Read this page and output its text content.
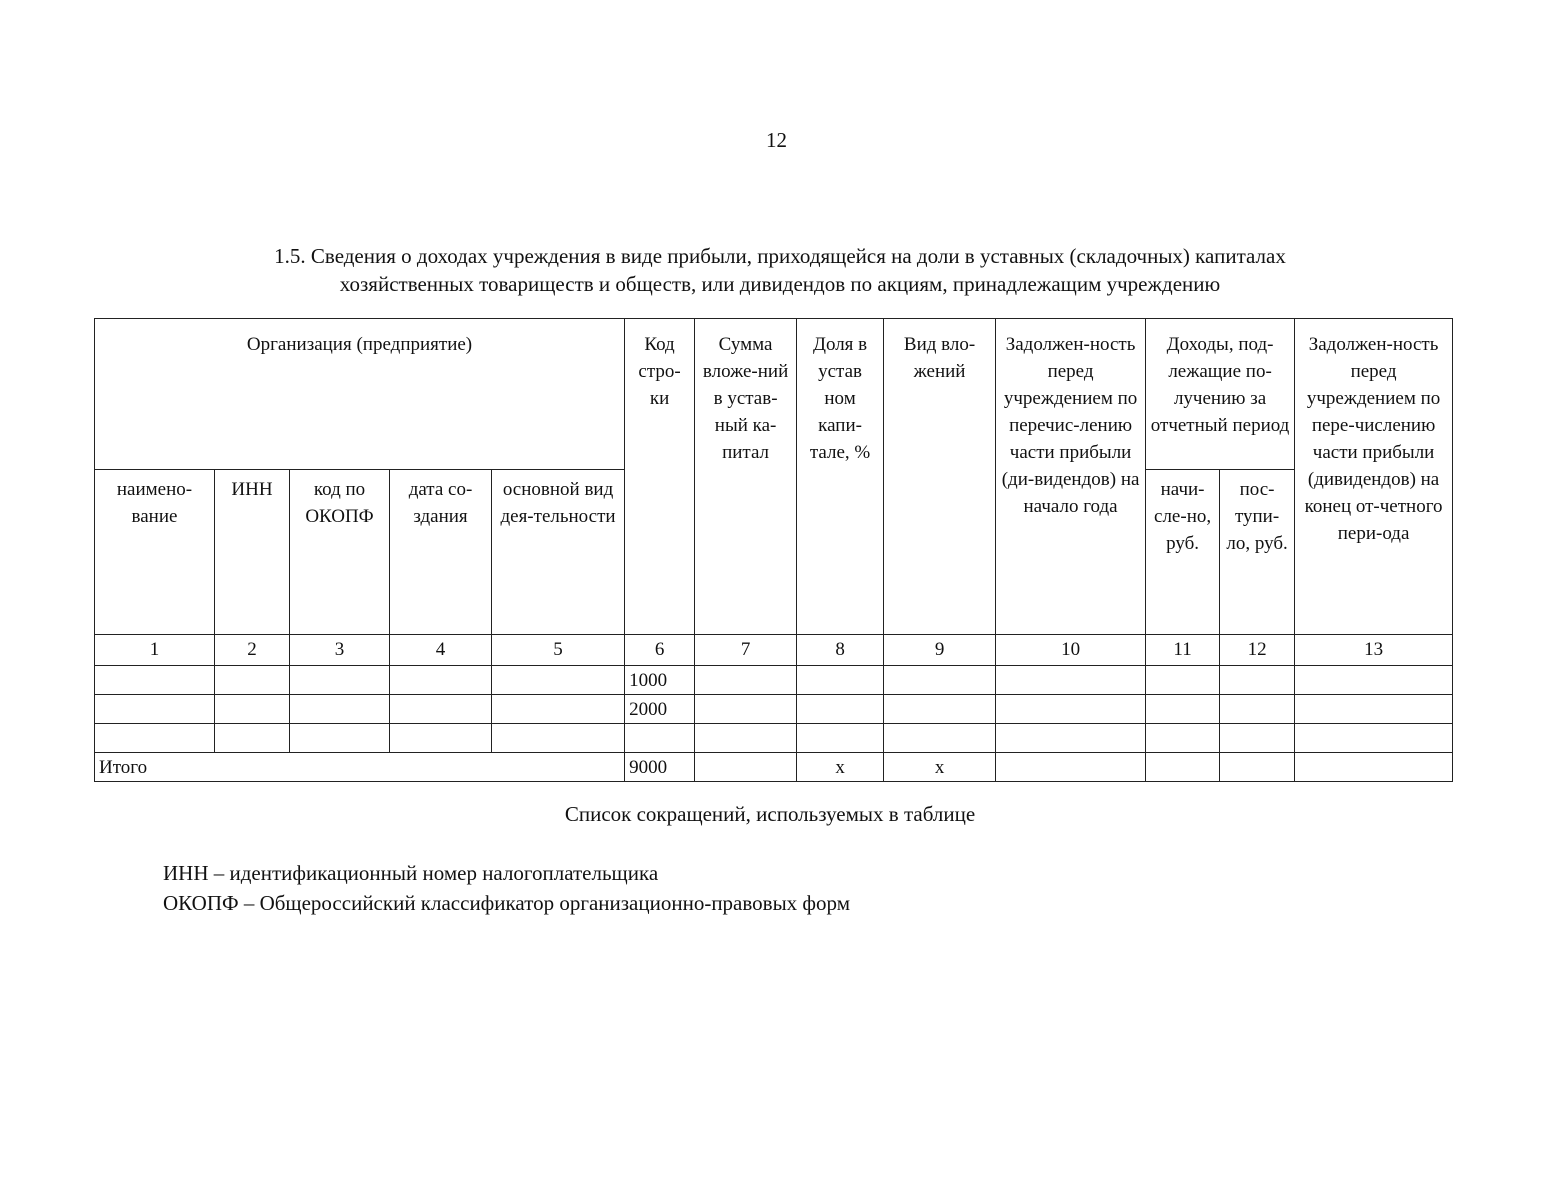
12
1.5. Сведения о доходах учреждения в виде прибыли, приходящейся на доли в уставных (складочных) капиталах
хозяйственных товариществ и обществ, или дивидендов по акциям, принадлежащим учреждению
Организация (предприятие)					Код стро-ки	Сумма вложе-ний в устав-ный ка-питал	Доля в устав ном капи-тале, %	Вид вло-жений	Задолжен-ность перед учреждением по перечис-лению части прибыли (ди-видендов) на начало года	Доходы, под-лежащие по-лучению за отчетный период		Задолжен-ность перед учреждением по пере-числению части прибыли (дивидендов) на конец от-четного пери-ода
наимено-вание	ИНН	код по ОКОПФ	дата со-здания	основной вид дея-тельности						начи-сле-но, руб.	пос-тупи-ло, руб.	
1	2	3	4	5	6	7	8	9	10	11	12	13
					1000							
					2000							

Итого					9000		х	х				
Список сокращений, используемых в таблице
ИНН – идентификационный номер налогоплательщика
ОКОПФ – Общероссийский классификатор организационно-правовых форм
